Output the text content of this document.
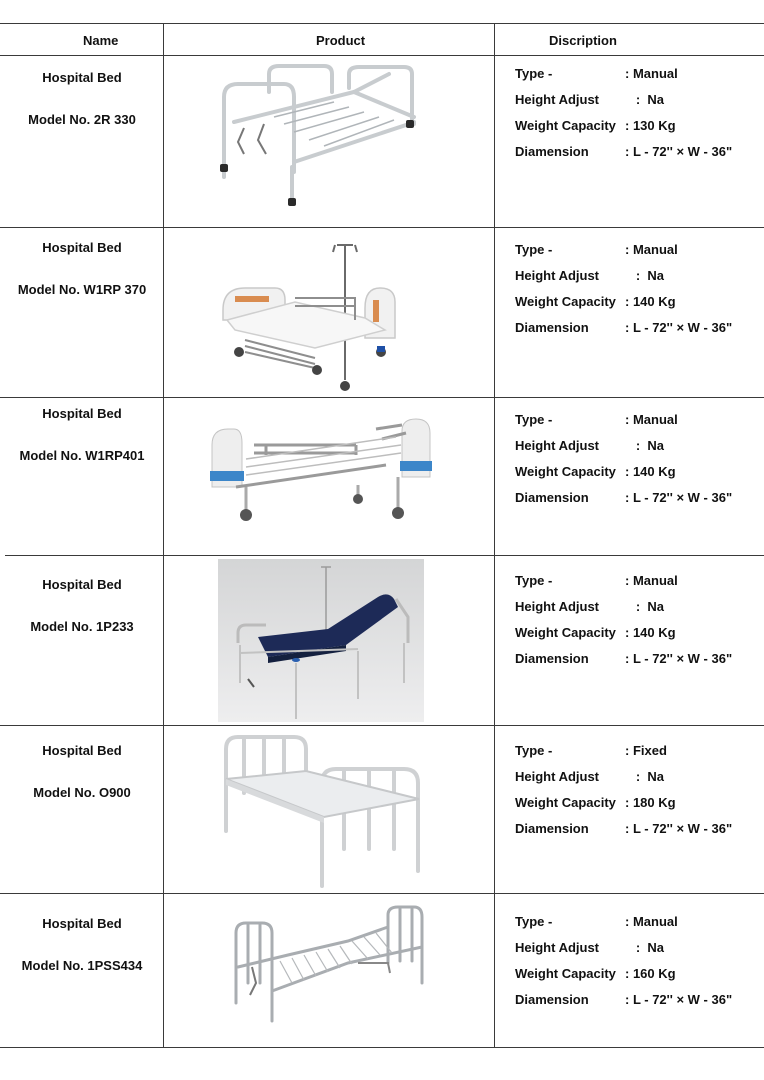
Name	Product	Discription
Hospital Bed
Model No. 2R 330
Type -	: Manual
Height Adjust :  Na
Weight Capacity : 130 Kg
Diamension	: L - 72'' × W - 36"
Hospital Bed
Model No. W1RP 370
Type -	: Manual
Height Adjust :  Na
Weight Capacity : 140 Kg
Diamension	: L - 72'' × W - 36"
Hospital Bed
Model No. W1RP401
Type -	: Manual
Height Adjust :  Na
Weight Capacity : 140 Kg
Diamension	: L - 72'' × W - 36"
Hospital Bed
Model No. 1P233
Type -	: Manual
Height Adjust :  Na
Weight Capacity : 140 Kg
Diamension	: L - 72'' × W - 36"
Hospital Bed
Model No. O900
Type -	: Fixed
Height Adjust :  Na
Weight Capacity : 180 Kg
Diamension	: L - 72'' × W - 36"
Hospital Bed
Model No. 1PSS434
Type -	: Manual
Height Adjust :  Na
Weight Capacity : 160 Kg
Diamension	: L - 72'' × W - 36"
